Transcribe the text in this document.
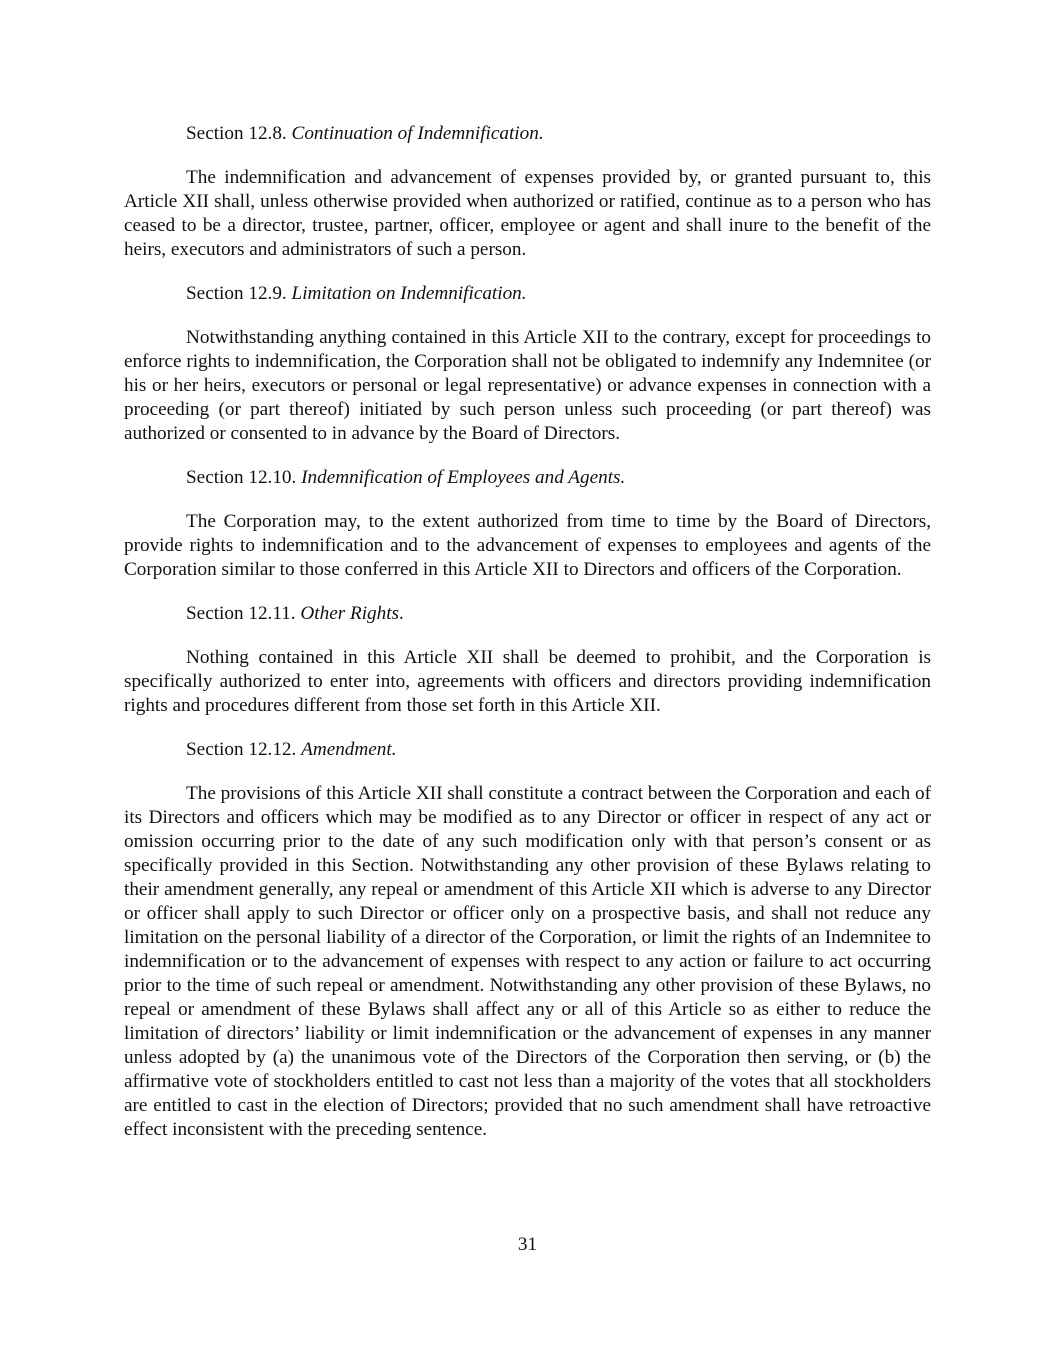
Section 12.8. Continuation of Indemnification.

The indemnification and advancement of expenses provided by, or granted pursuant to, this Article XII shall, unless otherwise provided when authorized or ratified, continue as to a person who has ceased to be a director, trustee, partner, officer, employee or agent and shall inure to the benefit of the heirs, executors and administrators of such a person.

Section 12.9. Limitation on Indemnification.

Notwithstanding anything contained in this Article XII to the contrary, except for proceedings to enforce rights to indemnification, the Corporation shall not be obligated to indemnify any Indemnitee (or his or her heirs, executors or personal or legal representative) or advance expenses in connection with a proceeding (or part thereof) initiated by such person unless such proceeding (or part thereof) was authorized or consented to in advance by the Board of Directors.

Section 12.10. Indemnification of Employees and Agents.

The Corporation may, to the extent authorized from time to time by the Board of Directors, provide rights to indemnification and to the advancement of expenses to employees and agents of the Corporation similar to those conferred in this Article XII to Directors and officers of the Corporation.

Section 12.11. Other Rights.

Nothing contained in this Article XII shall be deemed to prohibit, and the Corporation is specifically authorized to enter into, agreements with officers and directors providing indemnification rights and procedures different from those set forth in this Article XII.

Section 12.12. Amendment.

The provisions of this Article XII shall constitute a contract between the Corporation and each of its Directors and officers which may be modified as to any Director or officer in respect of any act or omission occurring prior to the date of any such modification only with that person’s consent or as specifically provided in this Section. Notwithstanding any other provision of these Bylaws relating to their amendment generally, any repeal or amendment of this Article XII which is adverse to any Director or officer shall apply to such Director or officer only on a prospective basis, and shall not reduce any limitation on the personal liability of a director of the Corporation, or limit the rights of an Indemnitee to indemnification or to the advancement of expenses with respect to any action or failure to act occurring prior to the time of such repeal or amendment. Notwithstanding any other provision of these Bylaws, no repeal or amendment of these Bylaws shall affect any or all of this Article so as either to reduce the limitation of directors’ liability or limit indemnification or the advancement of expenses in any manner unless adopted by (a) the unanimous vote of the Directors of the Corporation then serving, or (b) the affirmative vote of stockholders entitled to cast not less than a majority of the votes that all stockholders are entitled to cast in the election of Directors; provided that no such amendment shall have retroactive effect inconsistent with the preceding sentence.

31
